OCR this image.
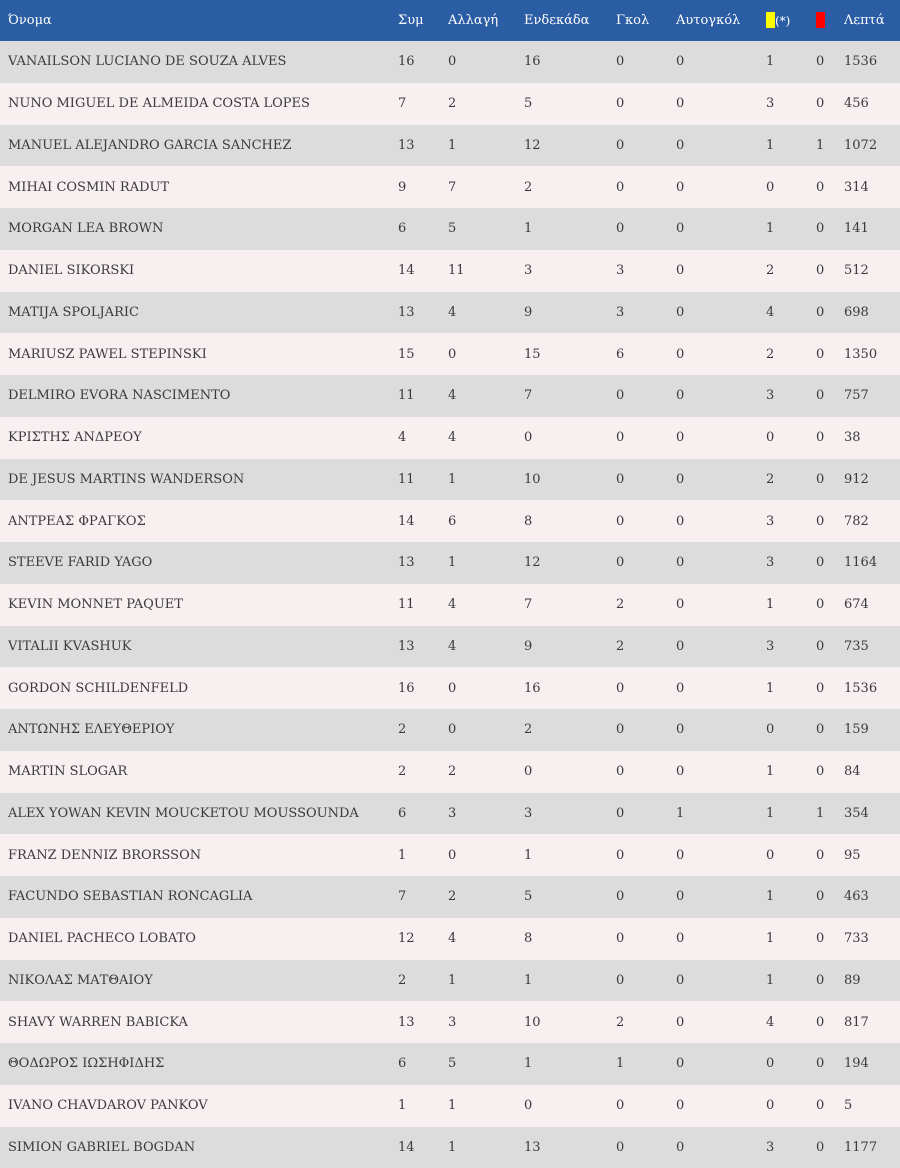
Όνομα	Συμ	Αλλαγή	Ενδεκάδα	Γκολ	Αυτογκόλ	(*)		Λεπτά
VANAILSON LUCIANO DE SOUZA ALVES	16	0	16	0	0	1	0	1536
NUNO MIGUEL DE ALMEIDA COSTA LOPES	7	2	5	0	0	3	0	456
MANUEL ALEJANDRO GARCIA SANCHEZ	13	1	12	0	0	1	1	1072
MIHAI COSMIN RADUT	9	7	2	0	0	0	0	314
MORGAN LEA BROWN	6	5	1	0	0	1	0	141
DANIEL SIKORSKI	14	11	3	3	0	2	0	512
MATIJA SPOLJARIC	13	4	9	3	0	4	0	698
MARIUSZ PAWEL STEPINSKI	15	0	15	6	0	2	0	1350
DELMIRO EVORA NASCIMENTO	11	4	7	0	0	3	0	757
ΚΡΙΣΤΗΣ ΑΝΔΡΕΟΥ	4	4	0	0	0	0	0	38
DE JESUS MARTINS WANDERSON	11	1	10	0	0	2	0	912
ΑΝΤΡΕΑΣ ΦΡΑΓΚΟΣ	14	6	8	0	0	3	0	782
STEEVE FARID YAGO	13	1	12	0	0	3	0	1164
KEVIN MONNET PAQUET	11	4	7	2	0	1	0	674
VITALII KVASHUK	13	4	9	2	0	3	0	735
GORDON SCHILDENFELD	16	0	16	0	0	1	0	1536
ΑΝΤΩΝΗΣ ΕΛΕΥΘΕΡΙΟΥ	2	0	2	0	0	0	0	159
MARTIN SLOGAR	2	2	0	0	0	1	0	84
ALEX YOWAN KEVIN MOUCKETOU MOUSSOUNDA	6	3	3	0	1	1	1	354
FRANZ DENNIZ BRORSSON	1	0	1	0	0	0	0	95
FACUNDO SEBASTIAN RONCAGLIA	7	2	5	0	0	1	0	463
DANIEL PACHECO LOBATO	12	4	8	0	0	1	0	733
ΝΙΚΟΛΑΣ ΜΑΤΘΑΙΟΥ	2	1	1	0	0	1	0	89
SHAVY WARREN BABICKA	13	3	10	2	0	4	0	817
ΘΟΔΩΡΟΣ ΙΩΣΗΦΙΔΗΣ	6	5	1	1	0	0	0	194
IVANO CHAVDAROV PANKOV	1	1	0	0	0	0	0	5
SIMION GABRIEL BOGDAN	14	1	13	0	0	3	0	1177
